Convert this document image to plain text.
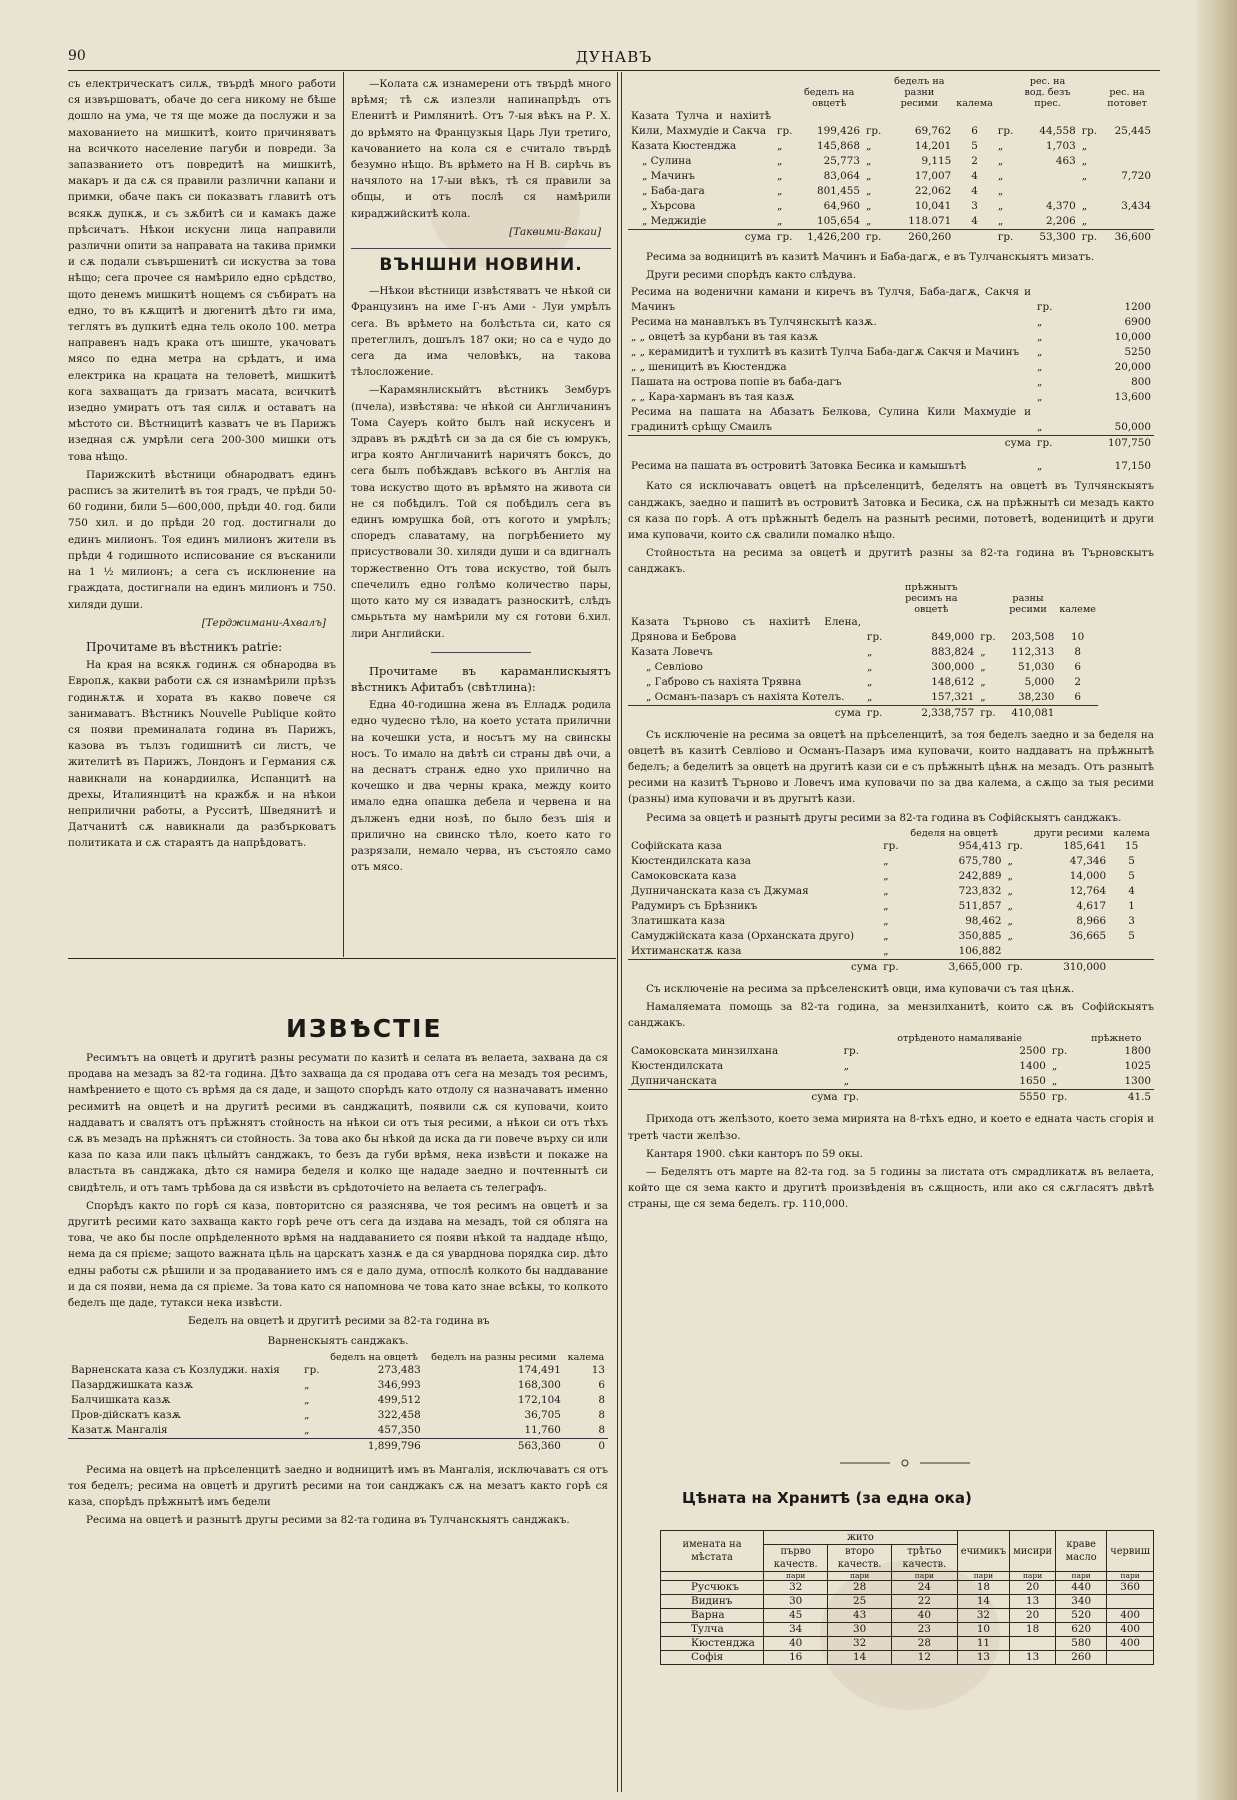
90	ДУНАВЪ

съ електрическатъ силѫ, твърдѣ много работи ся извършоватъ, обаче до сега никому не бѣше дошло на ума, че тя ще може да послужи и за махованието на мишкитѣ, които причиняватъ на всичкото население пагуби и повреди. За запазванието отъ повредитѣ на мишкитѣ, макаръ и да сѫ ся правили различни капани и примки, обаче пакъ си показватъ главитѣ отъ всякѫ дупкѫ, и съ зѫбитѣ си и камакъ даже прѣсичатъ. Нѣкои искусни лица направили различни опити за направата на такива примки и сѫ подали съвършенитѣ си искуства за това нѣщо; сега прочее ся намѣрило едно срѣдство, щото денемъ мишкитѣ нощемъ ся събиратъ на едно, то въ кѫщитѣ и дюгенитѣ дѣто ги има, теглятъ въ дупкитѣ една тель около 100. метра направенъ надъ крака отъ шиште, укачоватъ мясо по една метра на срѣдатъ, и има електрика на крацата на теловетѣ, мишкитѣ кога захващатъ да гризатъ масата, всичкитѣ изедно умиратъ отъ тая силѫ и оставатъ на мѣстото си. Вѣстницитѣ казватъ че въ Парижъ изедная сѫ умрѣли сега 200-300 мишки отъ това нѣщо.

Парижскитѣ вѣстници обнародватъ единъ расписъ за жителитѣ въ тоя градъ, че прѣди 50-60 години, били 5—600,000, прѣди 40. год. били 750 хил. и до прѣди 20 год. достигнали до единъ милионъ. Тоя единъ милионъ жители въ прѣди 4 годишното исписование ся въсканили на 1 ½ милионъ; а сега съ исклюнение на граждата, достигнали на единъ милионъ и 750. хиляди души.

[Терджимани-Ахвалъ]

Прочитаме въ вѣстникъ patrie:

На края на всякѫ годинѫ ся обнародва въ Европѫ, какви работи сѫ ся изнамѣрили прѣзъ годинѫтѫ и хората въ какво повече ся занимаватъ. Вѣстникъ Nouvelle Publique който ся появи преминалата година въ Парижъ, казова въ тълзъ годишнитѣ си листъ, че жителитѣ въ Парижъ, Лондонъ и Германия сѫ навикнали на конардиилка, Испанцитѣ на дрехы, Италиянцитѣ на кражбѫ и на нѣкои неприлични работы, а Русситѣ, Шведянитѣ и Датчанитѣ сѫ навикнали да разбърковатъ политиката и сѫ стараятъ да напрѣдоватъ.

—Колата сѫ изнамерени отъ твърдѣ много врѣмя; тѣ сѫ излезли напинапрѣдъ отъ Еленитѣ и Римлянитѣ. Отъ 7-ыя вѣкъ на Р. Х. до врѣмято на Французкыя Царь Луи третиго, качованието на кола ся е считало твърдѣ безумно нѣщо. Въ врѣмето на Н В. сирѣчь въ начялото на 17-ыи вѣкъ, тѣ ся правили за общы, и отъ послѣ ся намѣрили кираджийскитѣ кола.

[Таквими-Вакаи]
ВЪНШНИ НОВИНИ.

—Нѣкои вѣстници извѣстяватъ че нѣкой си Французинъ на име Г-нъ Ами - Луи умрѣлъ сега. Въ врѣмето на болѣстьта си, като ся претеглилъ, дошълъ 187 оки; но са е чудо до сега да има человѣкъ, на такова тѣлосложение.

—Карамянлискыйтъ вѣстникъ Зембуръ (пчела), извѣстява: че нѣкой си Англичанинъ Тома Сауеръ който былъ най искусенъ и здравъ въ рѫдѣтѣ си за да ся біе съ юмрукъ, игра която Англичанитѣ наричятъ боксъ, до сега былъ побѣждавъ всѣкого въ Англія на това искуство щото въ врѣмято на живота си не ся побѣдилъ. Той ся побѣдилъ сега въ единъ юмрушка бой, отъ когото и умрѣлъ; споредъ славатаму, на погрѣбението му присуствовали 30. хиляди души и са вдигналъ торжественно Отъ това искуство, той былъ спечелилъ едно голѣмо количество пары, щото като му ся извадатъ разноскитѣ, слѣдъ смьрьтьта му намѣрили му ся готови 6.хил. лири Английски.

Прочитаме въ караманлискыятъ вѣстникъ Афитабъ (свѣтлина):

Една 40-годишна жена въ Елладѫ родила едно чудесно тѣло, на което устата прилични на кочешки уста, и носътъ му на свинскы носъ. То имало на двѣтѣ си страны двѣ очи, а на деснатъ странѫ едно ухо прилично на кочешко и два черны крака, между които имало една опашка дебела и червена и на дълженъ едни нозѣ, по было безъ шія и прилично на свинско тѣло, което като го разрязали, немало черва, нъ състояло само отъ мясо.

ИЗВѢСТІЕ

Ресимътъ на овцетѣ и другитѣ разны ресумати по казитѣ и селата въ велаета, захвана да ся продава на мезадъ за 82-та година. Дѣто захваща да ся продава отъ сега на мезадъ тоя ресимъ, намѣрението е щото съ врѣмя да ся даде, и защото спорѣдъ като отдолу ся назначаватъ именно ресимитѣ на овцетѣ и на другитѣ ресими въ санджацитѣ, появили сѫ ся куповачи, които наддаватъ и свалятъ отъ прѣжнятъ стойность на нѣкои си отъ тыя ресими, а нѣкои си отъ тѣхъ сѫ въ мезадъ на прѣжнятъ си стойность. За това ако бы нѣкой да иска да ги повече върху си или каза по каза или пакъ цѣлыйтъ санджакъ, то безъ да губи врѣмя, нека извѣсти и покаже на властьта въ санджака, дѣто ся намира беделя и колко ще нададе заедно и почтеннытѣ си свидѣтель, и отъ тамъ трѣбова да ся извѣсти въ срѣдоточіето на велаета съ телеграфъ.

Спорѣдъ както по горѣ ся каза, повторитсно ся разяснява, че тоя ресимъ на овцетѣ и за другитѣ ресими като захваща както горѣ рече отъ сега да издава на мезадъ, той ся обляга на това, че ако бы после опрѣделенното врѣмя на наддаванието ся появи нѣкой та наддаде нѣщо, нема да ся прієме; защото важната цѣль на царскатъ хазнѫ е да ся уварднова порядка сир. дѣто едны работы сѫ рѣшили и за продаванието имъ ся е дало дума, отпослѣ колкото бы наддавание и да ся появи, нема да ся прієме. За това като ся напомнова че това като знае всѣкы, то колкото беделъ ще даде, тутакси нека извѣсти.

Беделъ на овцетѣ и другитѣ ресими за 82-та година въ
Варненскыятъ санджакъ.
		беделъ на овцетѣ	беделъ на разны ресими	калема
Варненската каза съ Козлуджи. нахія	гр.	273,483	174,491	13
Пазарджишката казѫ	„	346,993	168,300	6
Балчишката казѫ	„	499,512	172,104	8
Пров-дійскатъ казѫ	„	322,458	36,705	8
Казатѫ Мангалія	„	457,350	11,760	8
		1,899,796	563,360	0

Ресима на овцетѣ на прѣселенцитѣ заедно и водницитѣ имъ въ Мангалія, исключаватъ ся отъ тоя беделъ; ресима на овцетѣ и другитѣ ресими на тои санджакъ сѫ на мезатъ както горѣ ся каза, спорѣдъ прѣжнытѣ имъ бедели

Ресима на овцетѣ и разнытѣ другы ресими за 82-та година въ Тулчанскыятъ санджакъ.

		беделъ на овцетѣ		беделъ на разни ресими	калема		рес. на вод. безъ прес.		рес. на потовет
Казата Тулча и нахіитѣ Кили, Махмудіе и Сакча	гр.	199,426	гр.	69,762	6	гр.	44,558	гр.	25,445
Казата Кюстенджа	„	145,868	„	14,201	5	„	1,703	„	
„ Сулина	„	25,773	„	9,115	2	„	463	„	
„ Мачинъ	„	83,064	„	17,007	4	„		„	7,720
„ Баба-дага	„	801,455	„	22,062	4	„			
„ Хърсова	„	64,960	„	10,041	3	„	4,370	„	3,434
„ Меджидіе	„	105,654	„	118.071	4	„	2,206	„	
сума	гр.	1,426,200	гр.	260,260		гр.	53,300	гр.	36,600

Ресима за водницитѣ въ казитѣ Мачинъ и Баба-дагѫ, е въ Тулчанскыятъ мизатъ.

Други ресими спорѣдъ както слѣдува.

Ресима на воденични камани и киречъ въ Тулчя, Баба-дагѫ, Сакчя и Мачинъ	гр.	1200
Ресима на манавлъкъ въ Тулчянскытѣ казѫ.	„	6900
„ „ овцетѣ за курбани въ тая казѫ	„	10,000
„ „ керамидитѣ и тухлитѣ въ казитѣ Тулча Баба-дагѫ Сакчя и Мачинъ	„	5250
„ „ шеницитѣ въ Кюстенджа	„	20,000
Пашата на острова попіе въ баба-дагъ	„	800
„ „ Кара-харманъ въ тая казѫ	„	13,600
Ресима на пашата на Абазатъ Белкова, Сулина Кили Махмудіе и градинитѣ срѣщу Смаилъ	„	50,000
сума	гр.	107,750
Ресима на пашата въ островитѣ Затовка Бесика и камышътѣ	„	17,150

Като ся исключаватъ овцетѣ на прѣселенцитѣ, беделятъ на овцетѣ въ Тулчянскыятъ санджакъ, заедно и пашитѣ въ островитѣ Затовка и Бесика, сѫ на прѣжнытѣ си мезадъ както ся каза по горѣ. А отъ прѣжнытѣ беделъ на разнытѣ ресими, потоветѣ, воденицитѣ и други има куповачи, които сѫ свалили помалко нѣщо.

Стойностьта на ресима за овцетѣ и другитѣ разны за 82-та година въ Търновскытъ санджакъ.

		прѣжнытъ ресимъ на овцетѣ		разны ресими	калеме
Казата Търново съ нахіитѣ Елена, Дрянова и Беброва	гр.	849,000	гр.	203,508	10
Казата Ловечъ	„	883,824	„	112,313	8
„ Севліово	„	300,000	„	51,030	6
„ Габрово съ нахіята Трявна	„	148,612	„	5,000	2
„ Османъ-пазаръ съ нахіята Котелъ.	„	157,321	„	38,230	6
сума	гр.	2,338,757	гр.	410,081	

Съ исключеніе на ресима за овцетѣ на прѣселенцитѣ, за тоя беделъ заедно и за беделя на овцетѣ въ казитѣ Севліово и Османъ-Пазаръ има куповачи, които наддаватъ на прѣжнытѣ беделъ; а беделитѣ за овцетѣ на другитѣ кази си е съ прѣжнытѣ цѣнѫ на мезадъ. Отъ разнытѣ ресими на казитѣ Търново и Ловечъ има куповачи по за два калема, а сѫщо за тыя ресими (разны) има куповачи и въ другытѣ кази.

Ресима за овцетѣ и разнытѣ другы ресими за 82-та година въ Софійскыятъ санджакъ.

		беделя на овцетѣ		други ресими	калема
Софійската каза	гр.	954,413	гр.	185,641	15
Кюстендилската каза	„	675,780	„	47,346	5
Самоковската каза	„	242,889	„	14,000	5
Дупничанската каза съ Джумая	„	723,832	„	12,764	4
Радумиръ съ Брѣзникъ	„	511,857	„	4,617	1
Златишката каза	„	98,462	„	8,966	3
Самуджійската каза (Орханската друго)	„	350,885	„	36,665	5
Ихтиманскатѫ каза	„	106,882			
сума	гр.	3,665,000	гр.	310,000	

Съ исключеніе на ресима за прѣселенскитѣ овци, има куповачи съ тая цѣнѫ.

Намаляемата помощь за 82-та година, за мензилханитѣ, които сѫ въ Софійскыятъ санджакъ.

		отрѣденото намаляваніе		прѣжнето
Самоковската минзилхана	гр.	2500	гр.	1800
Кюстендилската	„	1400	„	1025
Дупничанската	„	1650	„	1300
сума	гр.	5550	гр.	41.5

Прихода отъ желѣзото, което зема мирията на 8-тѣхъ едно, и което е едната часть сгорія и третѣ части желѣзо.

Кантаря 1900. сѣки канторъ по 59 окы.

— Беделятъ отъ марте на 82-та год. за 5 годины за листата отъ смрадликатѫ въ велаета, който ще ся зема както и другитѣ произвѣденія въ сѫщность, или ако ся сѫгласятъ двѣтѣ страны, ще ся зема беделъ. гр. 110,000.

Цѣната на Хранитѣ (за една ока)
имената на мѣстата	жито			ечимикъ	мисири	краве масло	червиш
	първо качеств.	второ качеств.	трѣтьо качеств.				
	пари	пари	пари	пари	пари	пари	пари
Русчюкъ	32	28	24	18	20	440	360
Видинъ	30	25	22	14	13	340	
Варна	45	43	40	32	20	520	400
Тулча	34	30	23	10	18	620	400
Кюстенджа	40	32	28	11		580	400
Софія	16	14	12	13	13	260	
